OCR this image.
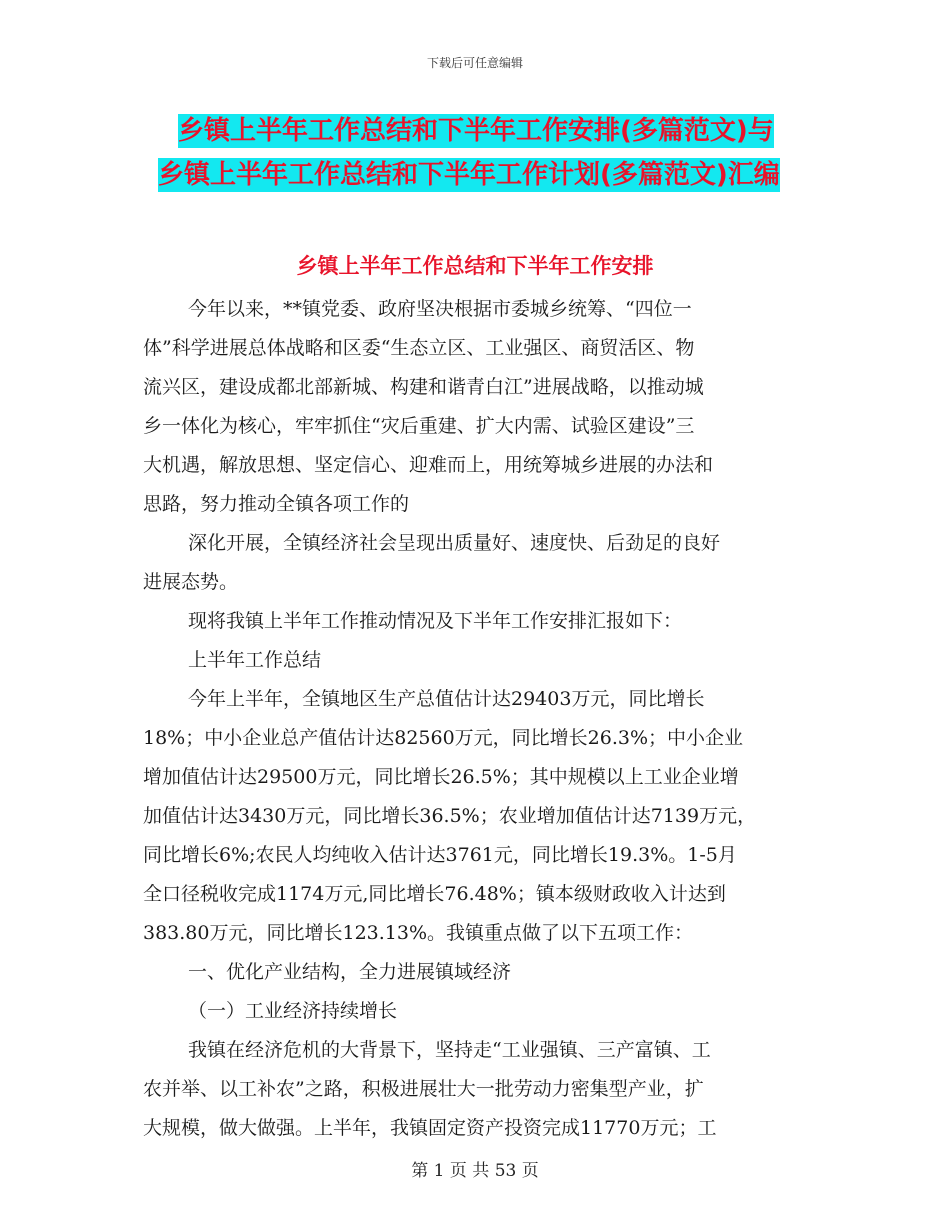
下载后可任意编辑
乡镇上半年工作总结和下半年工作安排(多篇范文)与
乡镇上半年工作总结和下半年工作计划(多篇范文)汇编
乡镇上半年工作总结和下半年工作安排
今年以来，**镇党委、政府坚决根据市委城乡统筹、“四位一
体”科学进展总体战略和区委“生态立区、工业强区、商贸活区、物
流兴区，建设成都北部新城、构建和谐青白江”进展战略，以推动城
乡一体化为核心，牢牢抓住“灾后重建、扩大内需、试验区建设”三
大机遇，解放思想、坚定信心、迎难而上，用统筹城乡进展的办法和
思路，努力推动全镇各项工作的
深化开展，全镇经济社会呈现出质量好、速度快、后劲足的良好
进展态势。
现将我镇上半年工作推动情况及下半年工作安排汇报如下：
上半年工作总结
今年上半年，全镇地区生产总值估计达29403万元，同比增长
18%；中小企业总产值估计达82560万元，同比增长26.3%；中小企业
增加值估计达29500万元，同比增长26.5%；其中规模以上工业企业增
加值估计达3430万元，同比增长36.5%；农业增加值估计达7139万元，
同比增长6%;农民人均纯收入估计达3761元，同比增长19.3%。1-5月
全口径税收完成1174万元,同比增长76.48%；镇本级财政收入计达到
383.80万元，同比增长123.13%。我镇重点做了以下五项工作：
一、优化产业结构，全力进展镇域经济
（一）工业经济持续增长
我镇在经济危机的大背景下，坚持走“工业强镇、三产富镇、工
农并举、以工补农”之路，积极进展壮大一批劳动力密集型产业，扩
大规模，做大做强。上半年，我镇固定资产投资完成11770万元；工
第 1 页 共 53 页
